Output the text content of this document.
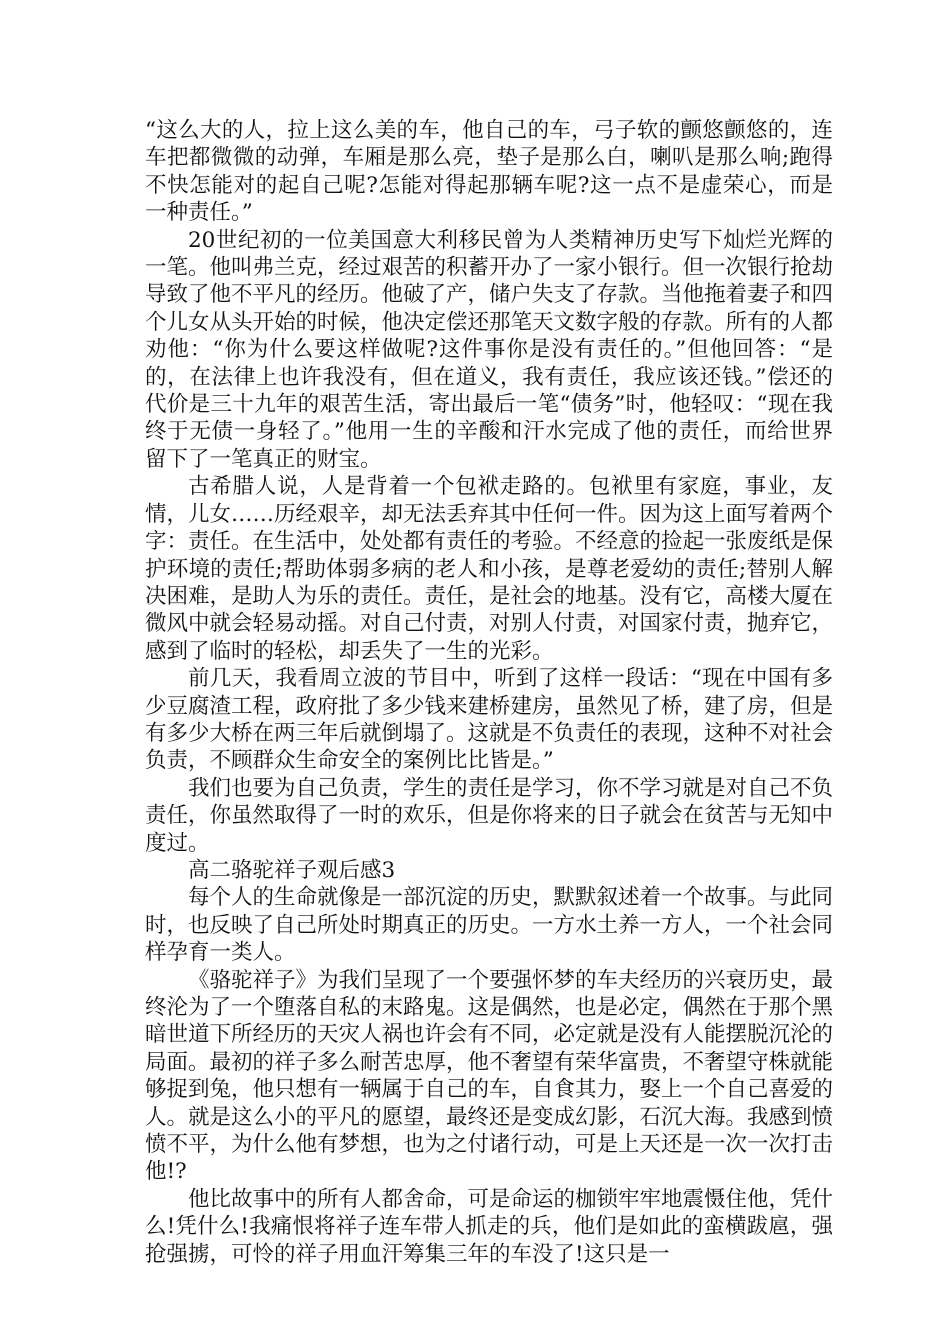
“这么大的人，拉上这么美的车，他自己的车，弓子软的颤悠颤悠的，连车把都微微的动弹，车厢是那么亮，垫子是那么白，喇叭是那么响;跑得不快怎能对的起自己呢?怎能对得起那辆车呢?这一点不是虚荣心，而是一种责任。”

20世纪初的一位美国意大利移民曾为人类精神历史写下灿烂光辉的一笔。他叫弗兰克，经过艰苦的积蓄开办了一家小银行。但一次银行抢劫导致了他不平凡的经历。他破了产，储户失支了存款。当他拖着妻子和四个儿女从头开始的时候，他决定偿还那笔天文数字般的存款。所有的人都劝他：“你为什么要这样做呢?这件事你是没有责任的。”但他回答：“是的，在法律上也许我没有，但在道义，我有责任，我应该还钱。”偿还的代价是三十九年的艰苦生活，寄出最后一笔“债务”时，他轻叹：“现在我终于无债一身轻了。”他用一生的辛酸和汗水完成了他的责任，而给世界留下了一笔真正的财宝。

古希腊人说，人是背着一个包袱走路的。包袱里有家庭，事业，友情，儿女……历经艰辛，却无法丢弃其中任何一件。因为这上面写着两个字：责任。在生活中，处处都有责任的考验。不经意的捡起一张废纸是保护环境的责任;帮助体弱多病的老人和小孩，是尊老爱幼的责任;替别人解决困难，是助人为乐的责任。责任，是社会的地基。没有它，高楼大厦在微风中就会轻易动摇。对自己付责，对别人付责，对国家付责，抛弃它，感到了临时的轻松，却丢失了一生的光彩。

前几天，我看周立波的节目中，听到了这样一段话：“现在中国有多少豆腐渣工程，政府批了多少钱来建桥建房，虽然见了桥，建了房，但是有多少大桥在两三年后就倒塌了。这就是不负责任的表现，这种不对社会负责，不顾群众生命安全的案例比比皆是。”

我们也要为自己负责，学生的责任是学习，你不学习就是对自己不负责任，你虽然取得了一时的欢乐，但是你将来的日子就会在贫苦与无知中度过。

高二骆驼祥子观后感3

每个人的生命就像是一部沉淀的历史，默默叙述着一个故事。与此同时，也反映了自己所处时期真正的历史。一方水土养一方人，一个社会同样孕育一类人。

《骆驼祥子》为我们呈现了一个要强怀梦的车夫经历的兴衰历史，最终沦为了一个堕落自私的末路鬼。这是偶然，也是必定，偶然在于那个黑暗世道下所经历的天灾人祸也许会有不同，必定就是没有人能摆脱沉沦的局面。最初的祥子多么耐苦忠厚，他不奢望有荣华富贵，不奢望守株就能够捉到兔，他只想有一辆属于自己的车，自食其力，娶上一个自己喜爱的人。就是这么小的平凡的愿望，最终还是变成幻影，石沉大海。我感到愤愤不平，为什么他有梦想，也为之付诸行动，可是上天还是一次一次打击他!?

他比故事中的所有人都舍命，可是命运的枷锁牢牢地震慑住他，凭什么!凭什么!我痛恨将祥子连车带人抓走的兵，他们是如此的蛮横跋扈，强抢强掳，可怜的祥子用血汗筹集三年的车没了!这只是一
